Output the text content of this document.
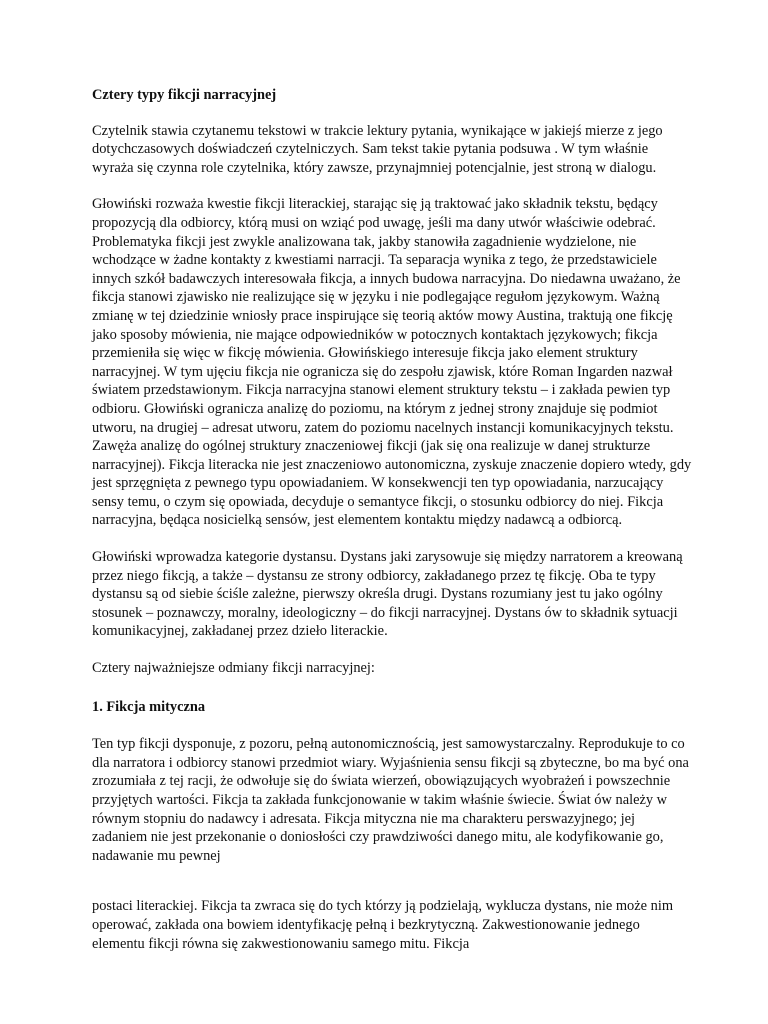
Cztery typy fikcji narracyjnej

Czytelnik stawia czytanemu tekstowi w trakcie lektury pytania, wynikające w jakiejś mierze z jego dotychczasowych doświadczeń czytelniczych. Sam tekst takie pytania podsuwa . W tym właśnie wyraża się czynna role czytelnika, który zawsze, przynajmniej potencjalnie, jest stroną w dialogu.

Głowiński rozważa kwestie fikcji literackiej, starając się ją traktować jako składnik tekstu, będący propozycją dla odbiorcy, którą musi on wziąć pod uwagę, jeśli ma dany utwór właściwie odebrać. Problematyka fikcji jest zwykle analizowana tak, jakby stanowiła zagadnienie wydzielone, nie wchodzące w żadne kontakty z kwestiami narracji. Ta separacja wynika z tego, że przedstawiciele innych szkół badawczych interesowała fikcja, a innych budowa narracyjna. Do niedawna uważano, że fikcja stanowi zjawisko nie realizujące się w języku i nie podlegające regułom językowym. Ważną zmianę w tej dziedzinie wniosły prace inspirujące się teorią aktów mowy Austina, traktują one fikcję jako sposoby mówienia, nie mające odpowiedników w potocznych kontaktach językowych; fikcja przemieniła się więc w fikcję mówienia. Głowińskiego interesuje fikcja jako element struktury narracyjnej. W tym ujęciu fikcja nie ogranicza się do zespołu zjawisk, które Roman Ingarden nazwał światem przedstawionym. Fikcja narracyjna stanowi element struktury tekstu – i zakłada pewien typ odbioru. Głowiński ogranicza analizę do poziomu, na którym z jednej strony znajduje się podmiot utworu, na drugiej – adresat utworu, zatem do poziomu nacelnych instancji komunikacyjnych tekstu. Zawęża analizę do ogólnej struktury znaczeniowej fikcji (jak się ona realizuje w danej strukturze narracyjnej). Fikcja literacka nie jest znaczeniowo autonomiczna, zyskuje znaczenie dopiero wtedy, gdy jest sprzęgnięta z pewnego typu opowiadaniem. W konsekwencji ten typ opowiadania, narzucający sensy temu, o czym się opowiada, decyduje o semantyce fikcji, o stosunku odbiorcy do niej. Fikcja narracyjna, będąca nosicielką sensów, jest elementem kontaktu między nadawcą a odbiorcą.

Głowiński wprowadza kategorie dystansu. Dystans jaki zarysowuje się między narratorem a kreowaną przez niego fikcją, a także – dystansu ze strony odbiorcy, zakładanego przez tę fikcję. Oba te typy dystansu są od siebie ściśle zależne, pierwszy określa drugi. Dystans rozumiany jest tu jako ogólny stosunek – poznawczy, moralny, ideologiczny – do fikcji narracyjnej. Dystans ów to składnik sytuacji komunikacyjnej, zakładanej przez dzieło literackie.

Cztery najważniejsze odmiany fikcji narracyjnej:

1. Fikcja mityczna

Ten typ fikcji dysponuje, z pozoru, pełną autonomicznością, jest samowystarczalny. Reprodukuje to co dla narratora i odbiorcy stanowi przedmiot wiary. Wyjaśnienia sensu fikcji są zbyteczne, bo ma być ona zrozumiała z tej racji, że odwołuje się do świata wierzeń, obowiązujących wyobrażeń i powszechnie przyjętych wartości. Fikcja ta zakłada funkcjonowanie w takim właśnie świecie. Świat ów należy w równym stopniu do nadawcy i adresata. Fikcja mityczna nie ma charakteru perswazyjnego; jej zadaniem nie jest przekonanie o doniosłości czy prawdziwości danego mitu, ale kodyfikowanie go, nadawanie mu pewnej

postaci literackiej. Fikcja ta zwraca się do tych którzy ją podzielają, wyklucza dystans, nie może nim operować, zakłada ona bowiem identyfikację pełną i bezkrytyczną. Zakwestionowanie jednego elementu fikcji równa się zakwestionowaniu samego mitu. Fikcja
